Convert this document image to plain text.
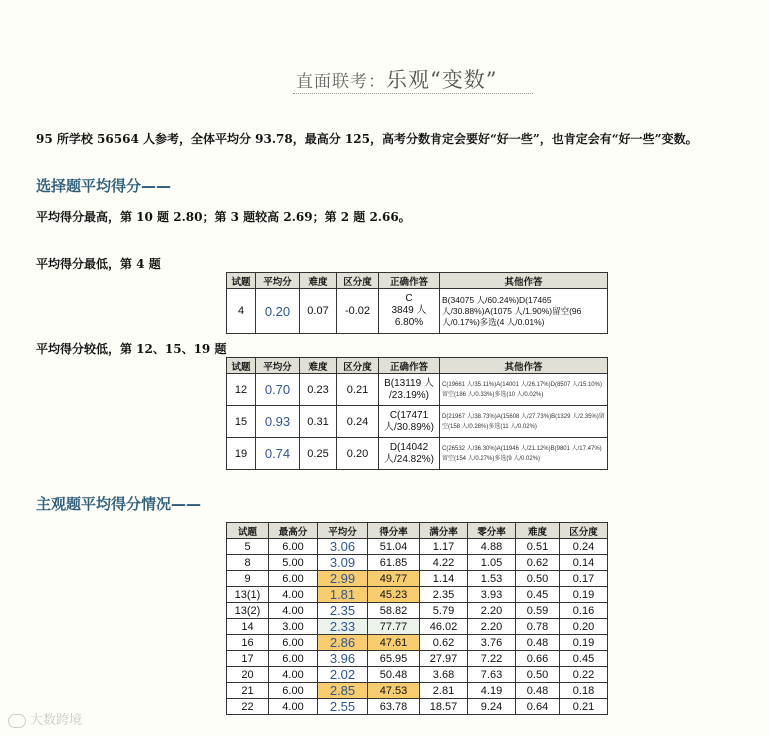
直面联考：乐观“变数”
95 所学校 56564 人参考，全体平均分 93.78，最高分 125，高考分数肯定会要好“好一些”，也肯定会有“好一些”变数。
选择题平均得分——
平均得分最高，第 10 题 2.80；第 3 题较高 2.69；第 2 题 2.66。
平均得分最低，第 4 题
试题	平均分	难度	区分度	正确作答	其他作答
4	0.20	0.07	-0.02	C
3849 人
6.80%	B(34075 人/60.24%)D(17465 人/30.88%)A(1075 人/1.90%)留空(96 人/0.17%)多选(4 人/0.01%)
平均得分较低，第 12、15、19 题
试题	平均分	难度	区分度	正确作答	其他作答
12	0.70	0.23	0.21	B(13119 人
/23.19%)	C(19661 人/35.11%)A(14001 人/26.17%)D(8507 人/15.10%)留空(186 人/0.33%)多选(10 人/0.02%)
15	0.93	0.31	0.24	C(17471
人/30.89%)	D(21967 人/38.73%)A(15608 人/27.73%)B(1329 人/2.35%)留空(158 人/0.28%)多选(11 人/0.02%)
19	0.74	0.25	0.20	D(14042
人/24.82%)	C(26532 人/36.30%)A(11946 人/21.12%)B(9801 人/17.47%)留空(154 人/0.27%)多选(9 人/0.02%)
主观题平均得分情况——
试题	最高分	平均分	得分率	满分率	零分率	难度	区分度
5	6.00	3.06	51.04	1.17	4.88	0.51	0.24
8	5.00	3.09	61.85	4.22	1.05	0.62	0.14
9	6.00	2.99	49.77	1.14	1.53	0.50	0.17
13(1)	4.00	1.81	45.23	2.35	3.93	0.45	0.19
13(2)	4.00	2.35	58.82	5.79	2.20	0.59	0.16
14	3.00	2.33	77.77	46.02	2.20	0.78	0.20
16	6.00	2.86	47.61	0.62	3.76	0.48	0.19
17	6.00	3.96	65.95	27.97	7.22	0.66	0.45
20	4.00	2.02	50.48	3.68	7.63	0.50	0.22
21	6.00	2.85	47.53	2.81	4.19	0.48	0.18
22	4.00	2.55	63.78	18.57	9.24	0.64	0.21
大数跨境
